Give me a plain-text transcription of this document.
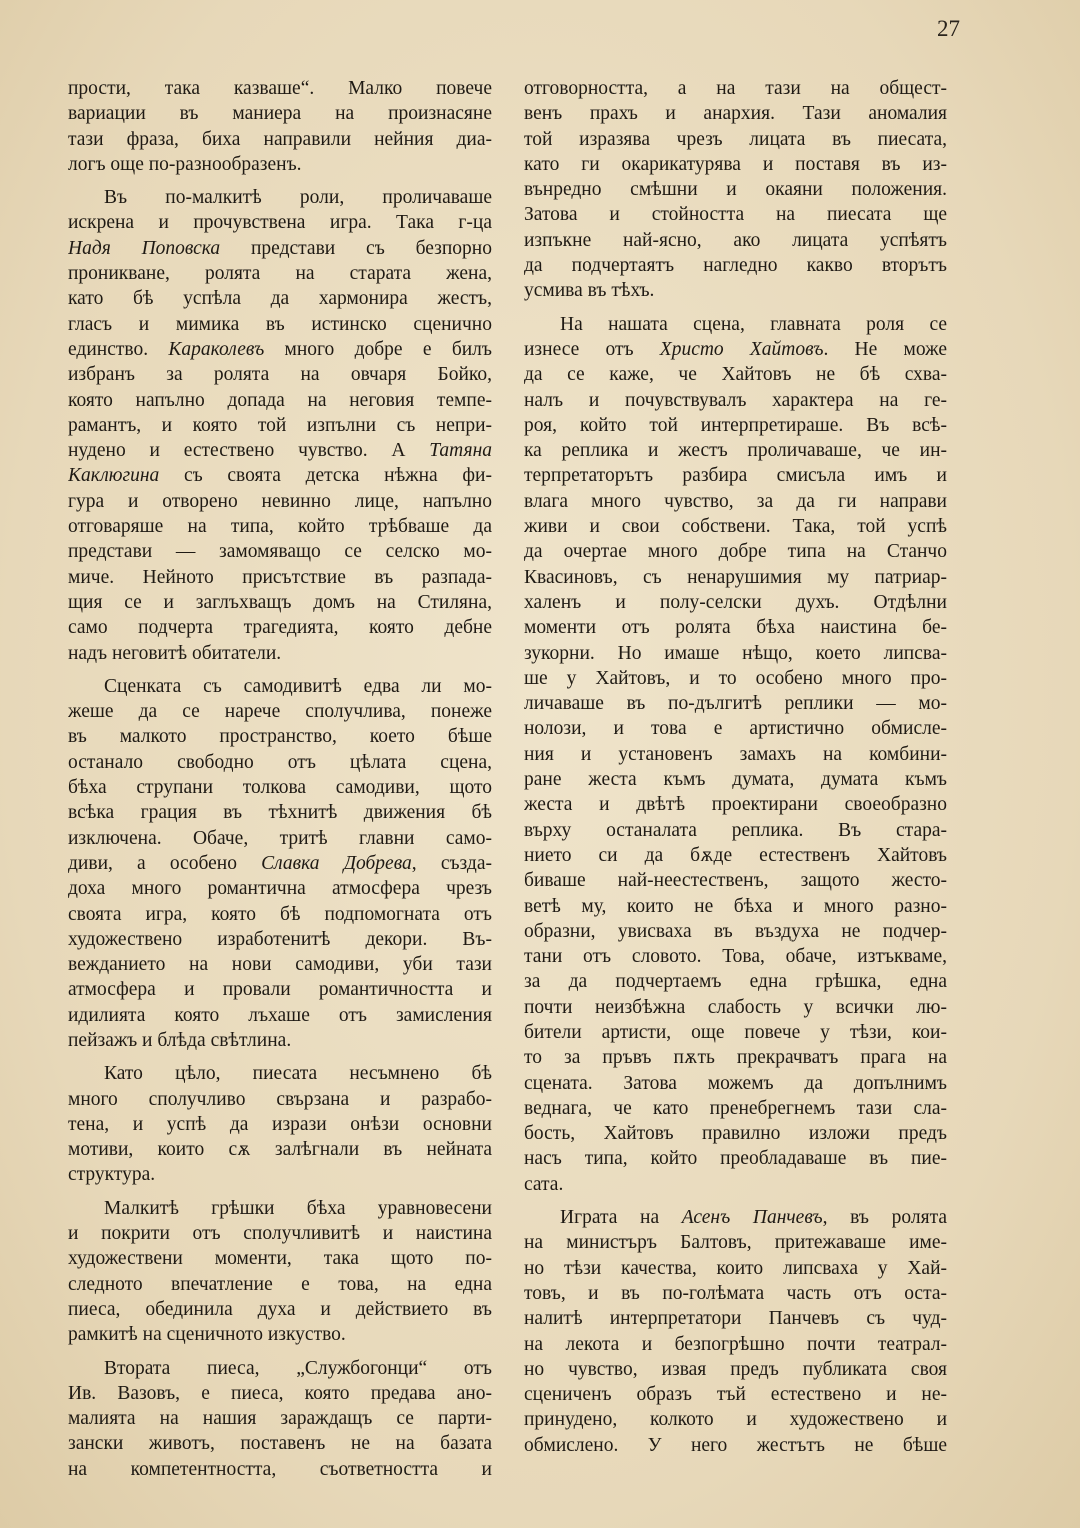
27
прости, така казваше“. Малко повече
вариации въ маниера на произнасяне
тази фраза, биха направили нейния диа-
логъ още по-разнообразенъ.
Въ по-малкитѣ роли, проличаваше
искрена и прочувствена игра. Така г-ца
Надя Поповска представи съ безпорно
проникване, ролята на старата жена,
като бѣ успѣла да хармонира жестъ,
гласъ и мимика въ истинско сценично
единство. Караколевъ много добре е билъ
избранъ за ролята на овчаря Бойко,
която напълно допада на неговия темпе-
рамантъ, и която той изпълни съ непри-
нудено и естествено чувство. А Татяна
Каклюгина съ своята детска нѣжна фи-
гура и отворено невинно лице, напълно
отговаряше на типа, който трѣбваше да
представи — замомяващо се селско мо-
миче. Нейното присътствие въ разпада-
щия се и заглъхващъ домъ на Стиляна,
само подчерта трагедията, която дебне
надъ неговитѣ обитатели.
Сценката съ самодивитѣ едва ли мо-
жеше да се нарече сполучлива, понеже
въ малкото пространство, което бѣше
останало свободно отъ цѣлата сцена,
бѣха струпани толкова самодиви, щото
всѣка грация въ тѣхнитѣ движения бѣ
изключена. Обаче, тритѣ главни само-
диви, а особено Славка Добрева, създа-
доха много романтична атмосфера чрезъ
своята игра, която бѣ подпомогната отъ
художествено изработенитѣ декори. Въ-
вежданието на нови самодиви, уби тази
атмосфера и провали романтичността и
идилията която лъхаше отъ замисления
пейзажъ и блѣда свѣтлина.
Като цѣло, пиесата несъмнено бѣ
много сполучливо свързана и разрабо-
тена, и успѣ да изрази онѣзи основни
мотиви, които сѫ залѣгнали въ нейната
структура.
Малкитѣ грѣшки бѣха уравновесени
и покрити отъ сполучливитѣ и наистина
художествени моменти, така щото по-
следното впечатление е това, на една
пиеса, обединила духа и действието въ
рамкитѣ на сценичното изкуство.
Втората пиеса, „Службогонци“ отъ
Ив. Вазовъ, е пиеса, която предава ано-
малията на нашия зараждащъ се парти-
зански животъ, поставенъ не на базата
на компетентността, съответността и
отговорността, а на тази на общест-
венъ прахъ и анархия. Тази аномалия
той изразява чрезъ лицата въ пиесата,
като ги окарикатурява и поставя въ из-
вънредно смѣшни и окаяни положения.
Затова и стойността на пиесата ще
изпъкне най-ясно, ако лицата успѣятъ
да подчертаятъ нагледно какво вторътъ
усмива въ тѣхъ.
На нашата сцена, главната роля се
изнесе отъ Христо Хайтовъ. Не може
да се каже, че Хайтовъ не бѣ схва-
налъ и почувствувалъ характера на ге-
роя, който той интерпретираше. Въ всѣ-
ка реплика и жестъ проличаваше, че ин-
терпретаторътъ разбира смисъла имъ и
влага много чувство, за да ги направи
живи и свои собствени. Така, той успѣ
да очертае много добре типа на Станчо
Квасиновъ, съ ненарушимия му патриар-
халенъ и полу-селски духъ. Отдѣлни
моменти отъ ролята бѣха наистина бе-
зукорни. Но имаше нѣщо, което липсва-
ше у Хайтовъ, и то особено много про-
личаваше въ по-дългитѣ реплики — мо-
нолози, и това е артистично обмисле-
ния и установенъ замахъ на комбини-
ране жеста къмъ думата, думата къмъ
жеста и двѣтѣ проектирани своеобразно
върху останалата реплика. Въ стара-
нието си да бѫде естественъ Хайтовъ
биваше най-неестественъ, защото жесто-
ветѣ му, които не бѣха и много разно-
образни, увисваха въ въздуха не подчер-
тани отъ словото. Това, обаче, изтъкваме,
за да подчертаемъ една грѣшка, една
почти неизбѣжна слабость у всички лю-
бители артисти, още повече у тѣзи, кои-
то за пръвъ пѫть прекрачватъ прага на
сцената. Затова можемъ да допълнимъ
веднага, че като пренебрегнемъ тази сла-
бость, Хайтовъ правилно изложи предъ
насъ типа, който преобладаваше въ пие-
сата.
Играта на Асенъ Панчевъ, въ ролята
на министъръ Балтовъ, притежаваше име-
но тѣзи качества, които липсваха у Хай-
товъ, и въ по-голѣмата часть отъ оста-
налитѣ интерпретатори Панчевъ съ чуд-
на лекота и безпогрѣшно почти театрал-
но чувство, извая предъ публиката своя
сцениченъ образъ тъй естествено и не-
принудено, колкото и художествено и
обмислено. У него жестътъ не бѣше
